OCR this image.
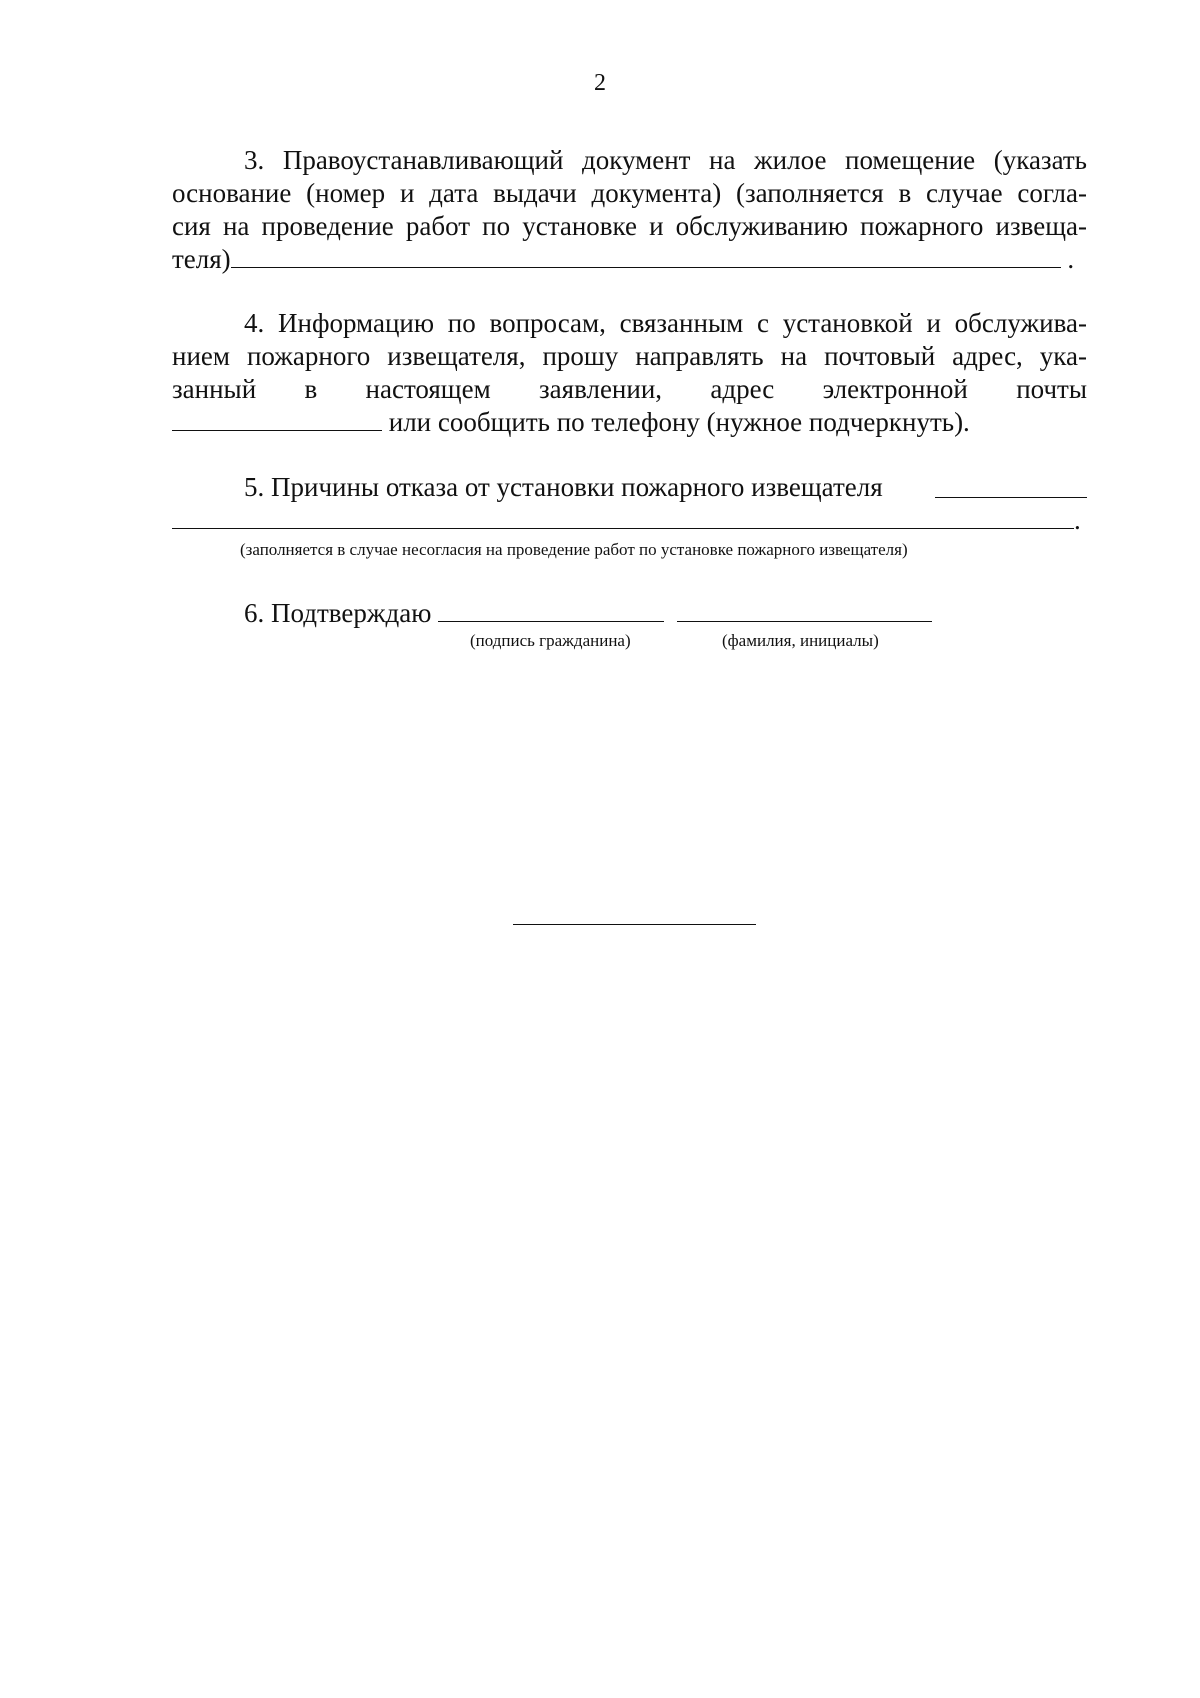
2
3. Правоустанавливающий документ на жилое помещение (указать
основание (номер и дата выдачи документа) (заполняется в случае согла-
сия на проведение работ по установке и обслуживанию пожарного извеща-
теля)	.
4. Информацию по вопросам, связанным с установкой и обслужива-
нием пожарного извещателя, прошу направлять на почтовый адрес, ука-
занный в настоящем заявлении, адрес электронной почты
или сообщить по телефону (нужное подчеркнуть).
5. Причины отказа от установки пожарного извещателя
.
(заполняется в случае несогласия на проведение работ по установке пожарного извещателя)
6. Подтверждаю
(подпись гражданина)	(фамилия, инициалы)
